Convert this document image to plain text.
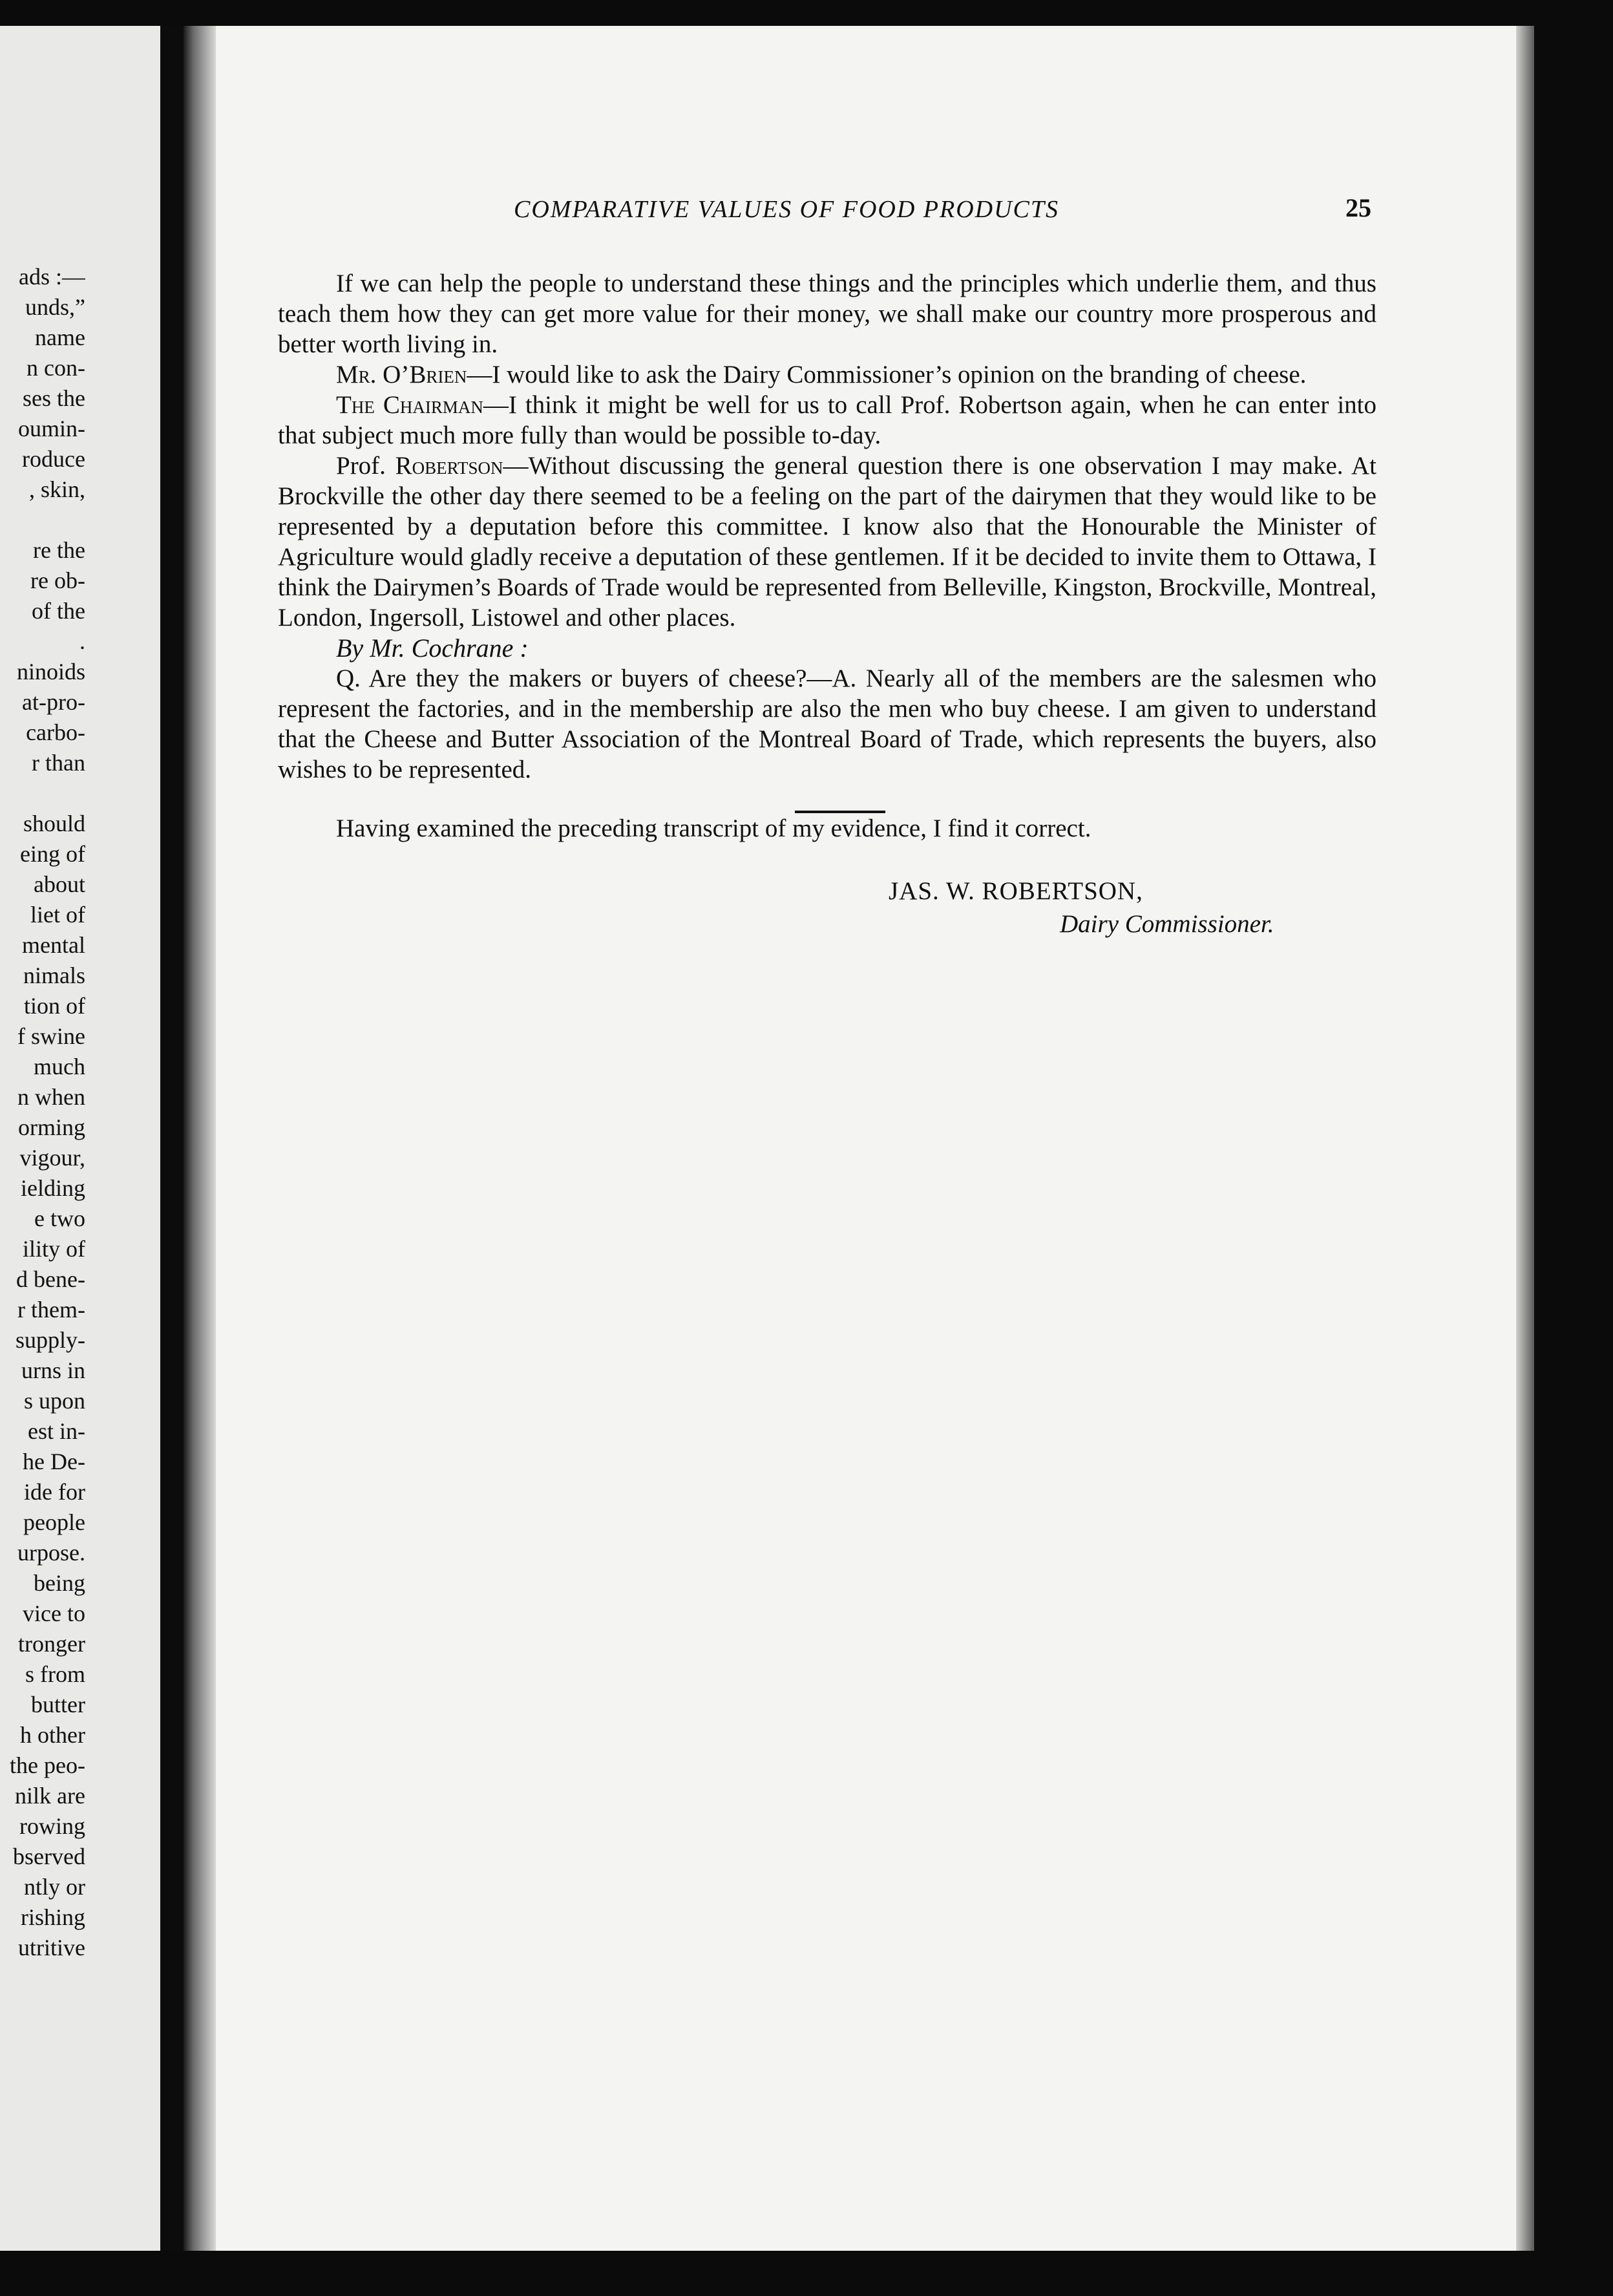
ads :—
unds,”
name
n con-
ses the
oumin-
roduce
, skin,
re the
re ob-
of the
.
ninoids
at-pro-
carbo-
r than
should
eing of
about
liet of
mental
nimals
tion of
f swine
much
n when
orming
vigour,
ielding
e two
ility of
d bene-
r them-
supply-
urns in
s upon
est in-
he De-
ide for
people
urpose.
being
vice to
tronger
s from
butter
h other
the peo-
nilk are
rowing
bserved
ntly or
rishing
utritive
COMPARATIVE VALUES OF FOOD PRODUCTS	25

If we can help the people to understand these things and the principles which underlie them, and thus teach them how they can get more value for their money, we shall make our country more prosperous and better worth living in.

Mr. O’Brien—I would like to ask the Dairy Commissioner’s opinion on the branding of cheese.

The Chairman—I think it might be well for us to call Prof. Robertson again, when he can enter into that subject much more fully than would be possible to-day.

Prof. Robertson—Without discussing the general question there is one observation I may make. At Brockville the other day there seemed to be a feeling on the part of the dairymen that they would like to be represented by a deputation before this committee. I know also that the Honourable the Minister of Agriculture would gladly receive a deputation of these gentlemen. If it be decided to invite them to Ottawa, I think the Dairymen’s Boards of Trade would be represented from Belleville, Kingston, Brockville, Montreal, London, Ingersoll, Listowel and other places.

By Mr. Cochrane :

Q. Are they the makers or buyers of cheese?—A. Nearly all of the members are the salesmen who represent the factories, and in the membership are also the men who buy cheese. I am given to understand that the Cheese and Butter Association of the Montreal Board of Trade, which represents the buyers, also wishes to be represented.

Having examined the preceding transcript of my evidence, I find it correct.

JAS. W. ROBERTSON,
Dairy Commissioner.
